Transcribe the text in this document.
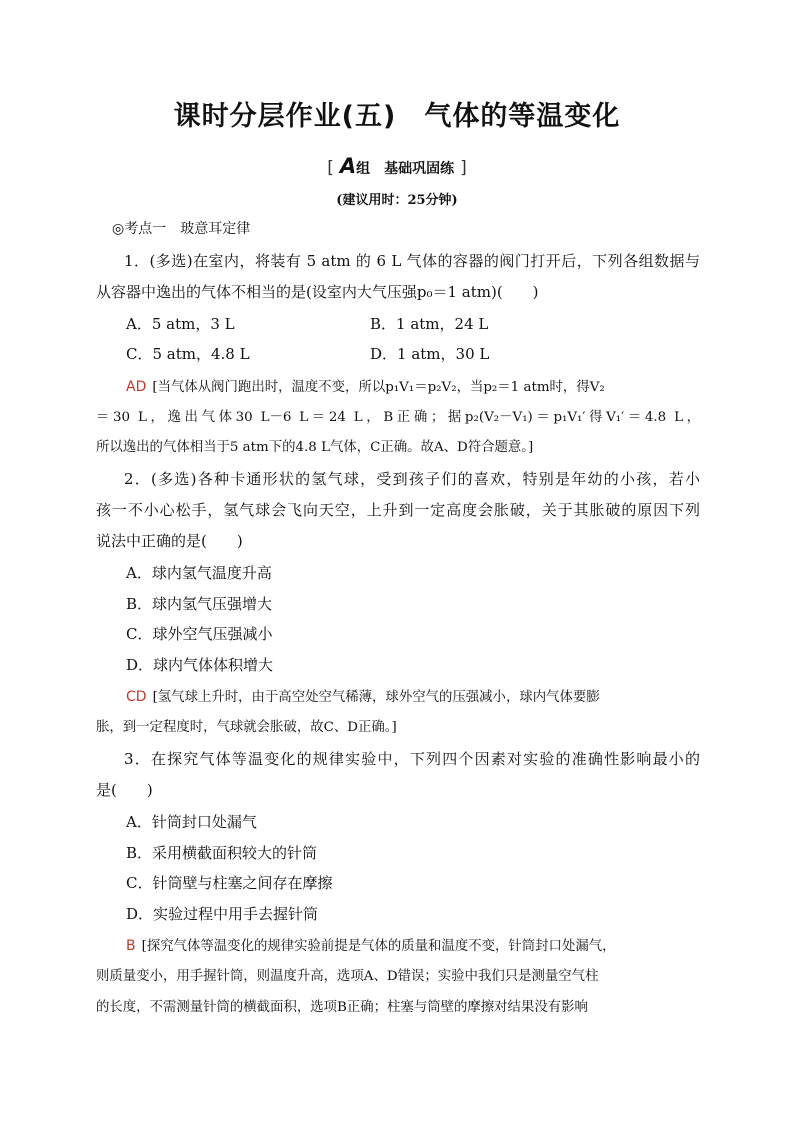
课时分层作业(五)　气体的等温变化
[ A组　基础巩固练 ]
(建议用时：25分钟)
◎考点一　玻意耳定律
1．(多选)在室内，将装有 5 atm 的 6 L 气体的容器的阀门打开后，下列各组数据与
从容器中逸出的气体不相当的是(设室内大气压强p₀＝1 atm)(　　)
A．5 atm，3 L	B．1 atm，24 L
C．5 atm，4.8 L	D．1 atm，30 L
AD [当气体从阀门跑出时，温度不变，所以p₁V₁＝p₂V₂，当p₂＝1 atm时，得V₂
＝30 L，逸出气体30 L－6 L＝24 L，B正确；据p₂(V₂－V₁)＝p₁V₁′得V₁′＝4.8 L，
所以逸出的气体相当于5 atm下的4.8 L气体，C正确。故A、D符合题意。]
2．(多选)各种卡通形状的氢气球，受到孩子们的喜欢，特别是年幼的小孩，若小
孩一不小心松手，氢气球会飞向天空，上升到一定高度会胀破，关于其胀破的原因下列
说法中正确的是(　　)
A．球内氢气温度升高
B．球内氢气压强增大
C．球外空气压强减小
D．球内气体体积增大
CD [氢气球上升时，由于高空处空气稀薄，球外空气的压强减小，球内气体要膨
胀，到一定程度时，气球就会胀破，故C、D正确。]
3．在探究气体等温变化的规律实验中，下列四个因素对实验的准确性影响最小的
是(　　)
A．针筒封口处漏气
B．采用横截面积较大的针筒
C．针筒壁与柱塞之间存在摩擦
D．实验过程中用手去握针筒
B [探究气体等温变化的规律实验前提是气体的质量和温度不变，针筒封口处漏气，
则质量变小，用手握针筒，则温度升高，选项A、D错误；实验中我们只是测量空气柱
的长度，不需测量针筒的横截面积，选项B正确；柱塞与筒壁的摩擦对结果没有影响
